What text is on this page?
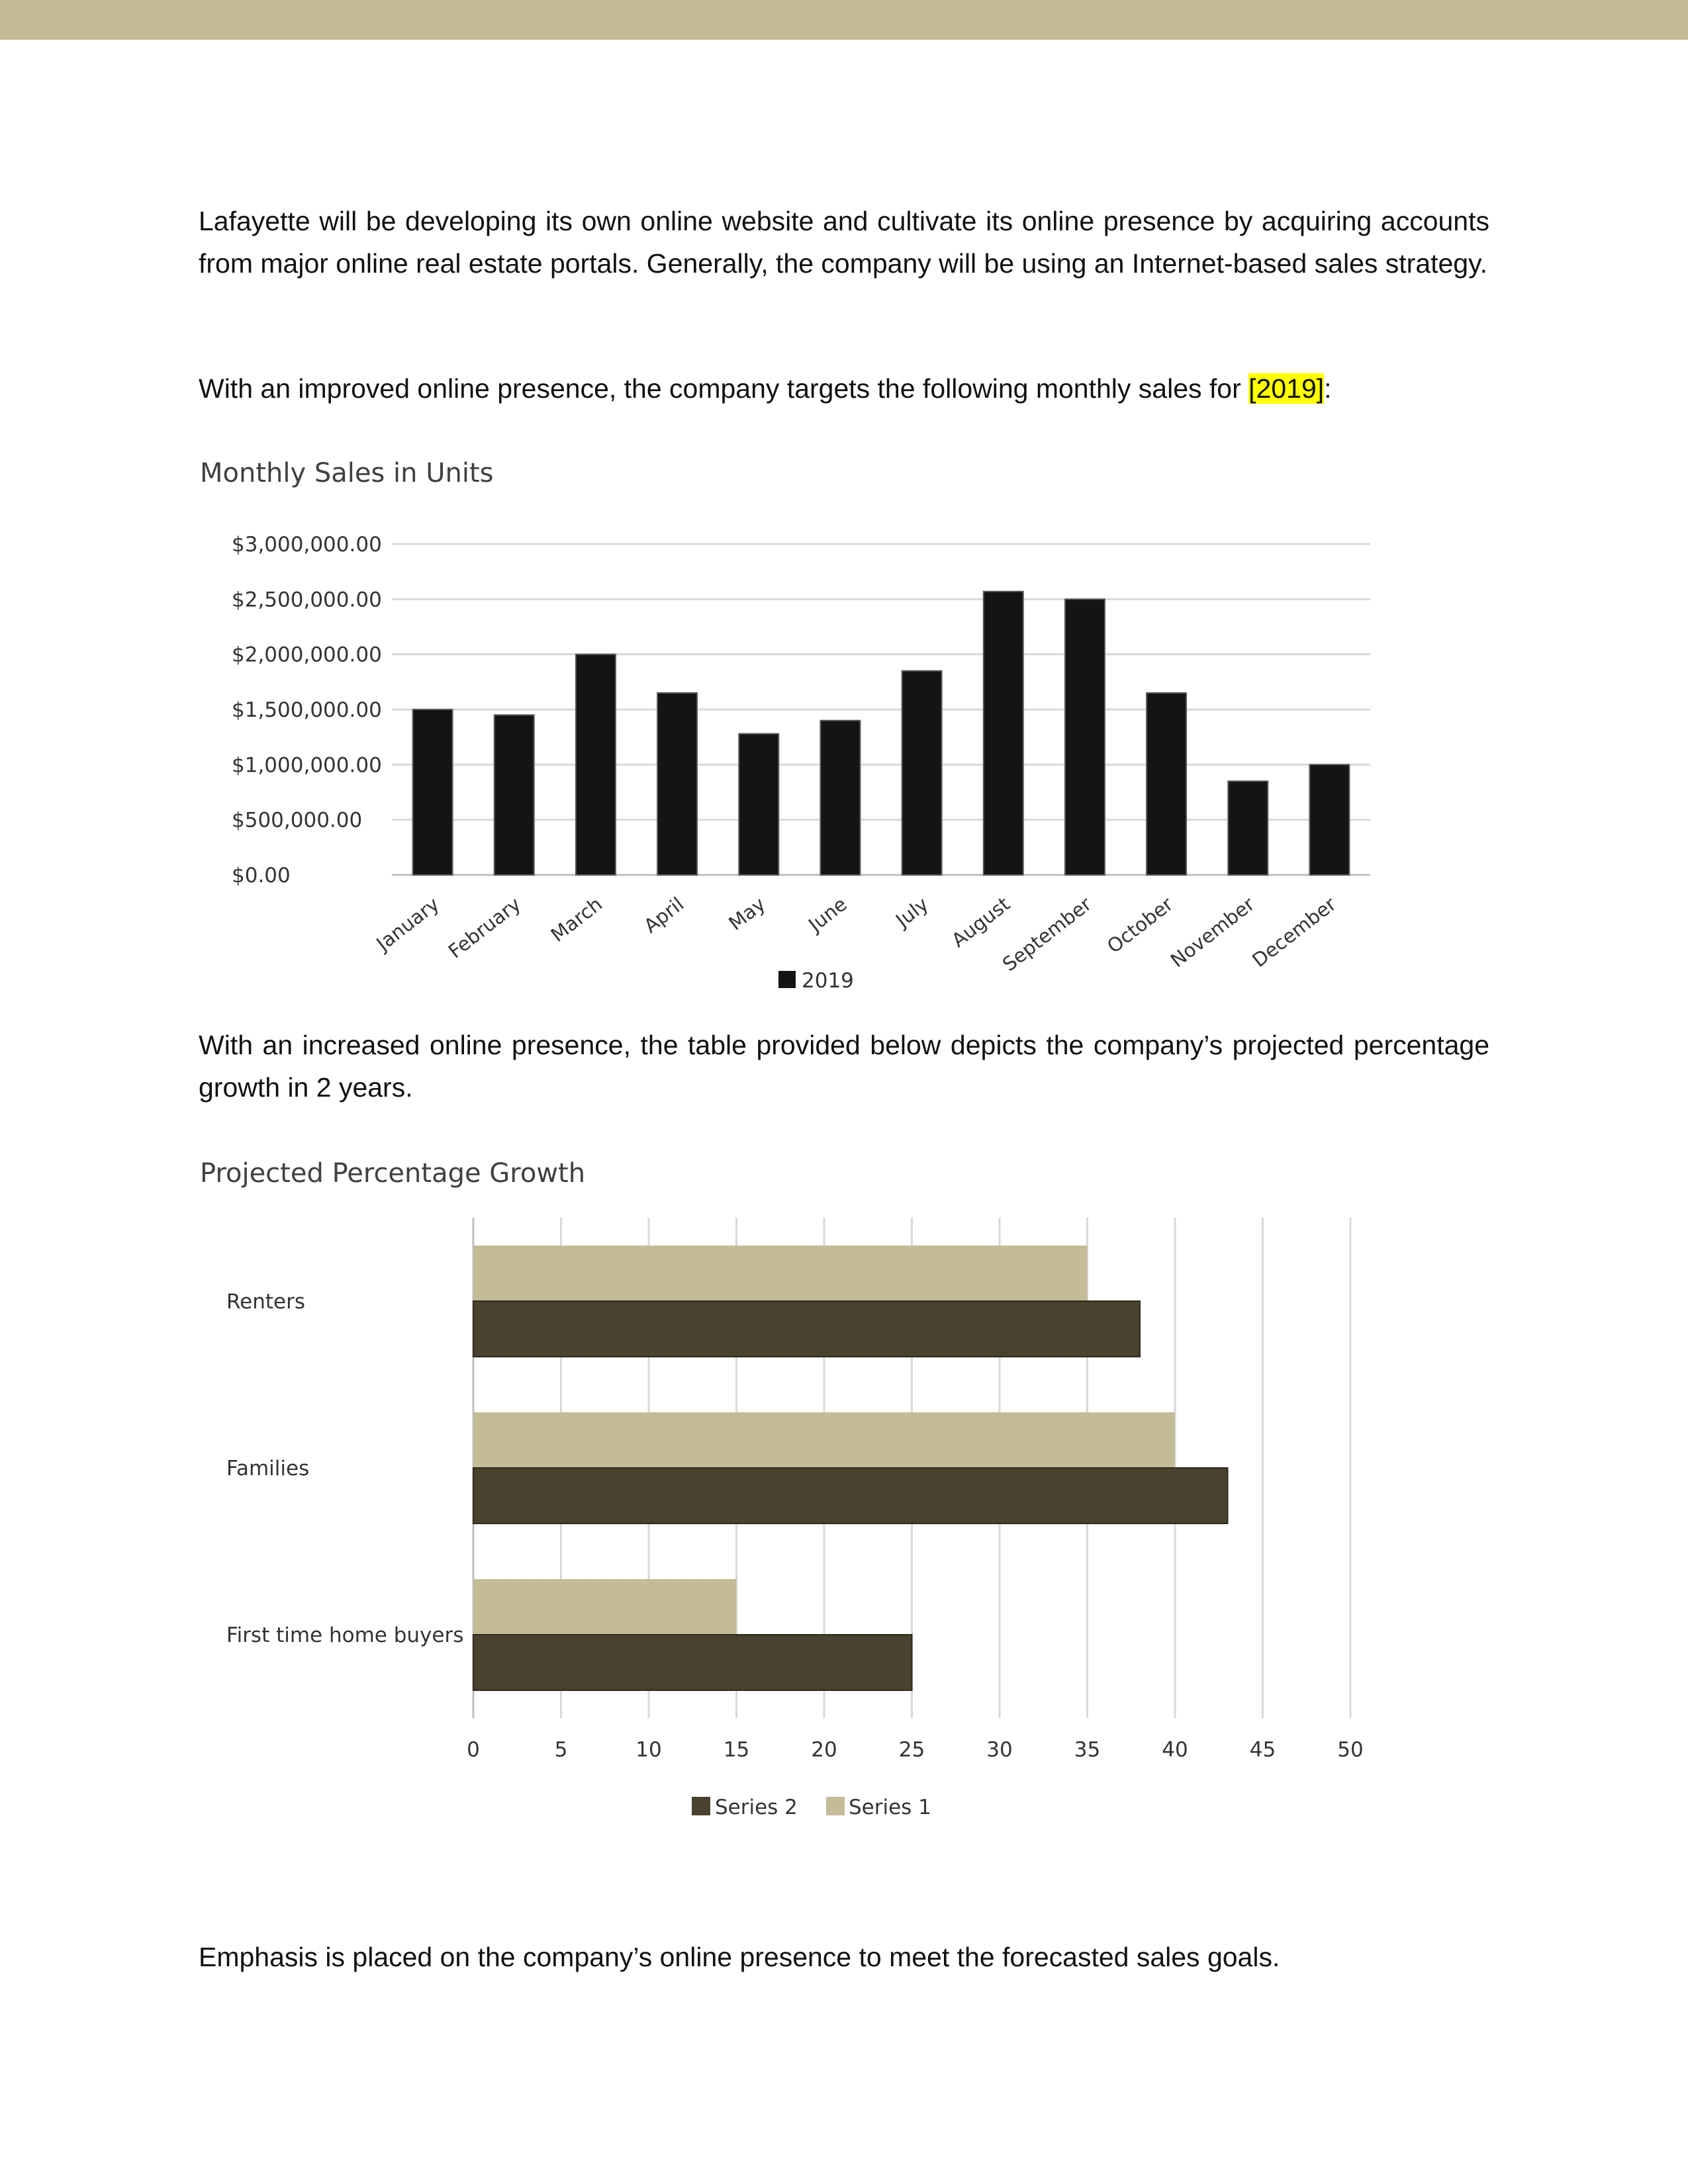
Lafayette will be developing its own online website and cultivate its online presence by acquiring accounts from major online real estate portals. Generally, the company will be using an Internet-based sales strategy.

With an improved online presence, the company targets the following monthly sales for [2019]:

Monthly Sales in Units
$0.00
$500,000.00
$1,000,000.00
$1,500,000.00
$2,000,000.00
$2,500,000.00
$3,000,000.00
January February March April May June July August
September October
November
December
2019

With an increased online presence, the table provided below depicts the company’s projected percentage growth in 2 years.

Projected Percentage Growth
Renters
Families
First time home buyers
0	5	10	15	20	25	30	35	40	45	50
Series 2 Series 1

Emphasis is placed on the company’s online presence to meet the forecasted sales goals.
